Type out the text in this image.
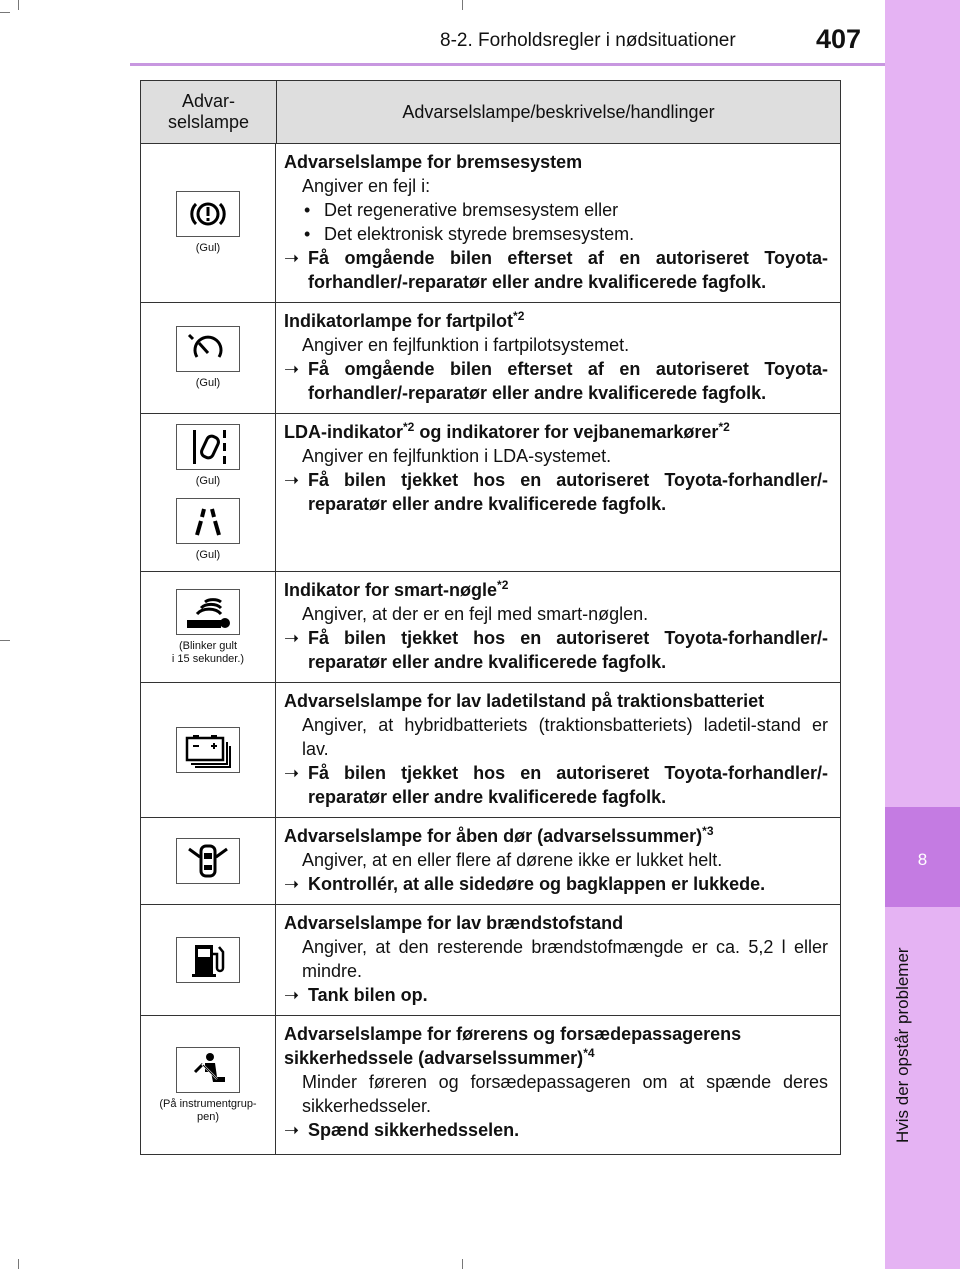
8
Hvis der opstår problemer
8-2. Forholdsregler i nødsituationer	407
Advar-
selslampe
Advarselslampe/beskrivelse/handlinger
(Gul)
Advarselslampe for bremsesystem
Angiver en fejl i:
• Det regenerative bremsesystem eller
• Det elektronisk styrede bremsesystem.
➝ Få omgående bilen efterset af en autoriseret Toyota-forhandler/-reparatør eller andre kvalificerede fagfolk.
(Gul)
Indikatorlampe for fartpilot$^{*2}$
Angiver en fejlfunktion i fartpilotsystemet.
➝ Få omgående bilen efterset af en autoriseret Toyota-forhandler/-reparatør eller andre kvalificerede fagfolk.
(Gul)
(Gul)
LDA-indikator$^{*2}$ og indikatorer for vejbanemarkører$^{*2}$
Angiver en fejlfunktion i LDA-systemet.
➝ Få bilen tjekket hos en autoriseret Toyota-forhandler/-reparatør eller andre kvalificerede fagfolk.
(Blinker gult
i 15 sekunder.)
Indikator for smart-nøgle$^{*2}$
Angiver, at der er en fejl med smart-nøglen.
➝ Få bilen tjekket hos en autoriseret Toyota-forhandler/-reparatør eller andre kvalificerede fagfolk.
Advarselslampe for lav ladetilstand på traktionsbatteriet
Angiver, at hybridbatteriets (traktionsbatteriets) ladetil-stand er lav.
➝ Få bilen tjekket hos en autoriseret Toyota-forhandler/-reparatør eller andre kvalificerede fagfolk.
Advarselslampe for åben dør (advarselssummer)$^{*3}$
Angiver, at en eller flere af dørene ikke er lukket helt.
➝ Kontrollér, at alle sidedøre og bagklappen er lukkede.
Advarselslampe for lav brændstofstand
Angiver, at den resterende brændstofmængde er ca. 5,2 l eller mindre.
➝ Tank bilen op.
(På instrumentgrup-
pen)
Advarselslampe for førerens og forsædepassagerens sikkerhedssele (advarselssummer)$^{*4}$
Minder føreren og forsædepassageren om at spænde deres sikkerhedsseler.
➝ Spænd sikkerhedsselen.
